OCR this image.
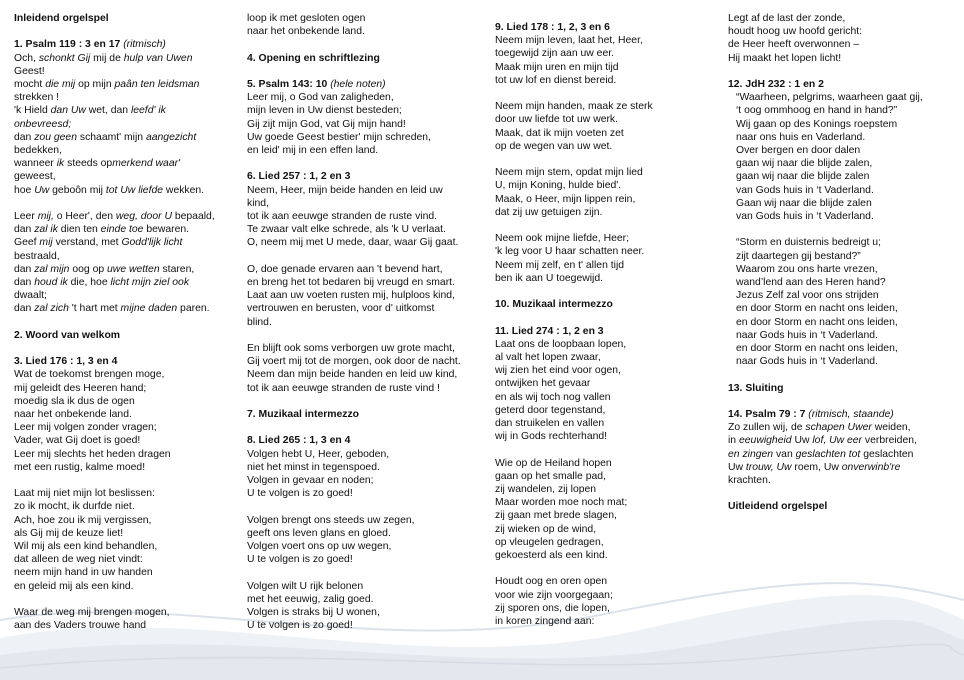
Inleidend orgelspel
1. Psalm 119 : 3 en 17 (ritmisch)
Och, schonkt Gij mij de hulp van Uwen
Geest!
mocht die mij op mijn paân ten leidsman
strekken !
'k Hield dan Uw wet, dan leefd' ik
onbevreesd;
dan zou geen schaamt' mijn aangezicht
bedekken,
wanneer ik steeds opmerkend waar'
geweest,
hoe Uw geboôn mij tot Uw liefde wekken.
Leer mij, o Heer', den weg, door U bepaald,
dan zal ik dien ten einde toe bewaren.
Geef mij verstand, met Godd'lijk licht
bestraald,
dan zal mijn oog op uwe wetten staren,
dan houd ik die, hoe licht mijn ziel ook
dwaalt;
dan zal zich 't hart met mijne daden paren.
2. Woord van welkom
3. Lied 176 : 1, 3 en 4
Wat de toekomst brengen moge,
mij geleidt des Heeren hand;
moedig sla ik dus de ogen
naar het onbekende land.
Leer mij volgen zonder vragen;
Vader, wat Gij doet is goed!
Leer mij slechts het heden dragen
met een rustig, kalme moed!
Laat mij niet mijn lot beslissen:
zo ik mocht, ik durfde niet.
Ach, hoe zou ik mij vergissen,
als Gij mij de keuze liet!
Wil mij als een kind behandlen,
dat alleen de weg niet vindt:
neem mijn hand in uw handen
en geleid mij als een kind.
Waar de weg mij brengen mogen,
aan des Vaders trouwe hand
loop ik met gesloten ogen
naar het onbekende land.
4. Opening en schriftlezing
5. Psalm 143: 10 (hele noten)
Leer mij, o God van zaligheden,
mijn leven in Uw dienst besteden;
Gij zijt mijn God, vat Gij mijn hand!
Uw goede Geest bestier' mijn schreden,
en leid' mij in een effen land.
6. Lied 257 : 1, 2 en 3
Neem, Heer, mijn beide handen en leid uw
kind,
tot ik aan eeuwge stranden de ruste vind.
Te zwaar valt elke schrede, als 'k U verlaat.
O, neem mij met U mede, daar, waar Gij gaat.
O, doe genade ervaren aan 't bevend hart,
en breng het tot bedaren bij vreugd en smart.
Laat aan uw voeten rusten mij, hulploos kind,
vertrouwen en berusten, voor d' uitkomst
blind.
En blijft ook soms verborgen uw grote macht,
Gij voert mij tot de morgen, ook door de nacht.
Neem dan mijn beide handen en leid uw kind,
tot ik aan eeuwge stranden de ruste vind !
7. Muzikaal intermezzo
8. Lied 265 : 1, 3 en 4
Volgen hebt U, Heer, geboden,
niet het minst in tegenspoed.
Volgen in gevaar en noden;
U te volgen is zo goed!
Volgen brengt ons steeds uw zegen,
geeft ons leven glans en gloed.
Volgen voert ons op uw wegen,
U te volgen is zo goed!
Volgen wilt U rijk belonen
met het eeuwig, zalig goed.
Volgen is straks bij U wonen,
U te volgen is zo goed!
9. Lied 178 : 1, 2, 3 en 6
Neem mijn leven, laat het, Heer,
toegewijd zijn aan uw eer.
Maak mijn uren en mijn tijd
tot uw lof en dienst bereid.
Neem mijn handen, maak ze sterk
door uw liefde tot uw werk.
Maak, dat ik mijn voeten zet
op de wegen van uw wet.
Neem mijn stem, opdat mijn lied
U, mijn Koning, hulde bied'.
Maak, o Heer, mijn lippen rein,
dat zij uw getuigen zijn.
Neem ook mijne liefde, Heer;
'k leg voor U haar schatten neer.
Neem mij zelf, en t' allen tijd
ben ik aan U toegewijd.
10. Muzikaal intermezzo
11. Lied 274 : 1, 2 en 3
Laat ons de loopbaan lopen,
al valt het lopen zwaar,
wij zien het eind voor ogen,
ontwijken het gevaar
en als wij toch nog vallen
geterd door tegenstand,
dan struikelen en vallen
wij in Gods rechterhand!
Wie op de Heiland hopen
gaan op het smalle pad,
zij wandelen, zij lopen
Maar worden moe noch mat;
zij gaan met brede slagen,
zij wieken op de wind,
op vleugelen gedragen,
gekoesterd als een kind.
Houdt oog en oren open
voor wie zijn voorgegaan;
zij sporen ons, die lopen,
in koren zingend aan:
Legt af de last der zonde,
houdt hoog uw hoofd gericht:
de Heer heeft overwonnen –
Hij maakt het lopen licht!
12. JdH 232 : 1 en 2
“Waarheen, pelgrims, waarheen gaat gij,
‘t oog ommhoog en hand in hand?”
Wij gaan op des Konings roepstem
naar ons huis en Vaderland.
Over bergen en door dalen
gaan wij naar die blijde zalen,
gaan wij naar die blijde zalen
van Gods huis in ‘t Vaderland.
Gaan wij naar die blijde zalen
van Gods huis in ‘t Vaderland.
“Storm en duisternis bedreigt u;
zijt daartegen gij bestand?”
Waarom zou ons harte vrezen,
wand’lend aan des Heren hand?
Jezus Zelf zal voor ons strijden
en door Storm en nacht ons leiden,
en door Storm en nacht ons leiden,
naar Gods huis in ‘t Vaderland.
en door Storm en nacht ons leiden,
naar Gods huis in ‘t Vaderland.
13. Sluiting
14. Psalm 79 : 7 (ritmisch, staande)
Zo zullen wij, de schapen Uwer weiden,
in eeuwigheid Uw lof, Uw eer verbreiden,
en zingen van geslachten tot geslachten
Uw trouw, Uw roem, Uw onverwinb're
krachten.
Uitleidend orgelspel
